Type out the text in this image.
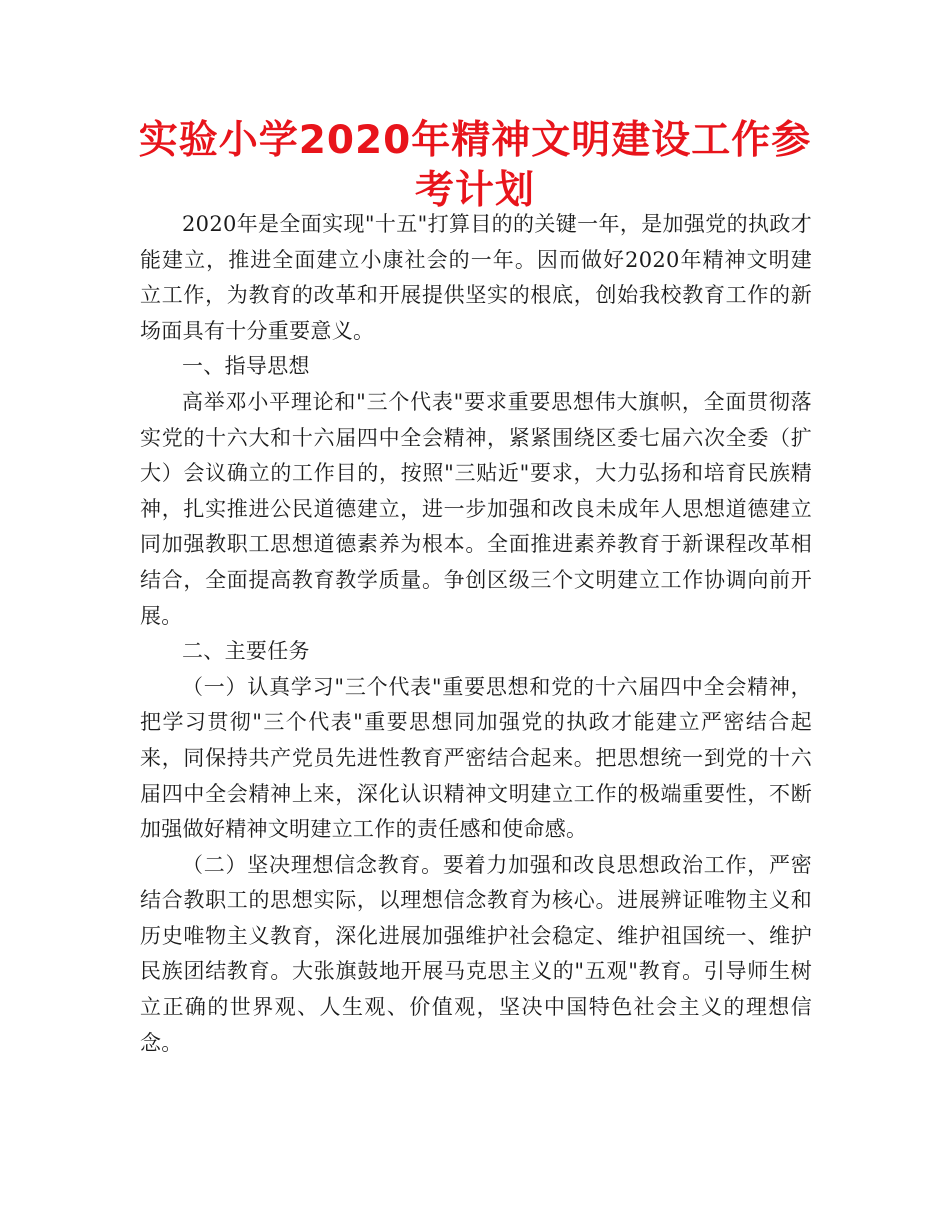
实验小学2020年精神文明建设工作参考计划

2020年是全面实现"十五"打算目的的关键一年，是加强党的执政才能建立，推进全面建立小康社会的一年。因而做好2020年精神文明建立工作，为教育的改革和开展提供坚实的根底，创始我校教育工作的新场面具有十分重要意义。

一、指导思想

高举邓小平理论和"三个代表"要求重要思想伟大旗帜，全面贯彻落实党的十六大和十六届四中全会精神，紧紧围绕区委七届六次全委（扩大）会议确立的工作目的，按照"三贴近"要求，大力弘扬和培育民族精神，扎实推进公民道德建立，进一步加强和改良未成年人思想道德建立同加强教职工思想道德素养为根本。全面推进素养教育于新课程改革相结合，全面提高教育教学质量。争创区级三个文明建立工作协调向前开展。

二、主要任务

（一）认真学习"三个代表"重要思想和党的十六届四中全会精神，把学习贯彻"三个代表"重要思想同加强党的执政才能建立严密结合起来，同保持共产党员先进性教育严密结合起来。把思想统一到党的十六届四中全会精神上来，深化认识精神文明建立工作的极端重要性，不断加强做好精神文明建立工作的责任感和使命感。

（二）坚决理想信念教育。要着力加强和改良思想政治工作，严密结合教职工的思想实际，以理想信念教育为核心。进展辨证唯物主义和历史唯物主义教育，深化进展加强维护社会稳定、维护祖国统一、维护民族团结教育。大张旗鼓地开展马克思主义的"五观"教育。引导师生树立正确的世界观、人生观、价值观，坚决中国特色社会主义的理想信念。
